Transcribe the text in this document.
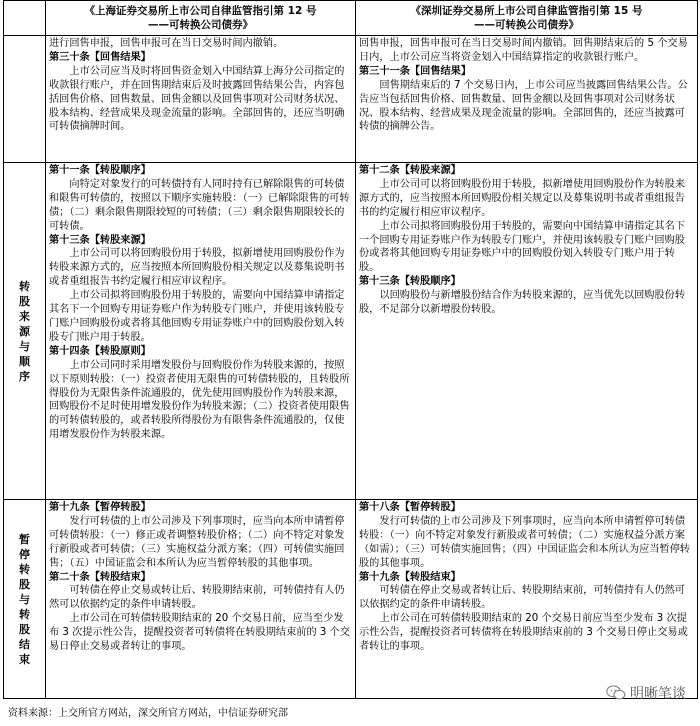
《上海证券交易所上市公司自律监管指引第 12 号
——可转换公司债券》
《深圳证券交易所上市公司自律监管指引第 15 号
——可转换公司债券》
进行回售申报，回售申报可在当日交易时间内撤销。
第三十条【回售结果】
上市公司应当及时将回售资金划入中国结算上海分公司指定的收款银行账户，并在回售期结束后及时披露回售结果公告，内容包括回售价格、回售数量、回售金额以及回售事项对公司财务状况、股本结构、经营成果及现金流量的影响。全部回售的，还应当明确可转债摘牌时间。
回售申报，回售申报可在当日交易时间内撤销。回售期结束后的 5 个交易日内，上市公司应当将资金划入中国结算指定的收款银行账户。
第三十一条【回售结果】
回售期结束后的 7 个交易日内，上市公司应当披露回售结果公告。公告应当包括回售价格、回售数量、回售金额以及回售事项对公司财务状况、股本结构、经营成果及现金流量的影响。全部回售的，还应当披露可转债的摘牌公告。
转股来源与顺序
第十一条【转股顺序】
向特定对象发行的可转债持有人同时持有已解除限售的可转债和限售可转债的，按照以下顺序实施转股：（一）已解除限售的可转债；（二）剩余限售期限较短的可转债；（三）剩余限售期限较长的可转债。
第十三条【转股来源】
上市公司可以将回购股份用于转股，拟新增使用回购股份作为转股来源方式的，应当按照本所回购股份相关规定以及募集说明书或者重组报告书约定履行相应审议程序。
上市公司拟将回购股份用于转股的，需要向中国结算申请指定其名下一个回购专用证券账户作为转股专门账户，并使用该转股专门账户回购股份或者将其他回购专用证券账户中的回购股份划入转股专门账户用于转股。
第十四条【转股原则】
上市公司同时采用增发股份与回购股份作为转股来源的，按照以下原则转股：（一）投资者使用无限售的可转债转股的，且转股所得股份为无限售条件流通股的，优先使用回购股份作为转股来源，回购股份不足时使用增发股份作为转股来源；（二）投资者使用限售的可转债转股的，或者转股所得股份为有限售条件流通股的，仅使用增发股份作为转股来源。
第十二条【转股来源】
上市公司可以将回购股份用于转股，拟新增使用回购股份作为转股来源方式的，应当按照本所回购股份相关规定以及募集说明书或者重组报告书的约定履行相应审议程序。
上市公司拟将回购股份用于转股的，需要向中国结算申请指定其名下一个回购专用证券账户作为转股专门账户，并使用该转股专门账户回购股份或者将其他回购专用证券账户中的回购股份划入转股专门账户用于转股。
第十三条【转股顺序】
以回购股份与新增股份结合作为转股来源的，应当优先以回购股份转股，不足部分以新增股份转股。
暂停转股与转股结束
第十九条【暂停转股】
发行可转债的上市公司涉及下列事项时，应当向本所申请暂停可转债转股：（一）修正或者调整转股价格；（二）向不特定对象发行新股或者可转债；（三）实施权益分派方案；（四）可转债实施回售；（五）中国证监会和本所认为应当暂停转股的其他事项。
第二十条【转股结束】
可转债在停止交易或转让后、转股期结束前，可转债持有人仍然可以依据约定的条件申请转股。
上市公司在可转债转股期结束的 20 个交易日前，应当至少发布 3 次提示性公告，提醒投资者可转债将在转股期结束前的 3 个交易日停止交易或者转让的事项。
第十八条【暂停转股】
发行可转债的上市公司涉及下列事项时，应当向本所申请暂停可转债转股：（一）向不特定对象发行新股或者可转债；（二）实施权益分派方案（如需）；（三）可转债实施回售；（四）中国证监会和本所认为应当暂停转股的其他事项。
第十九条【转股结束】
可转债在停止交易或者转让后、转股期结束前，可转债持有人仍然可以依据约定的条件申请转股。
上市公司在可转债转股期结束的 20 个交易日前应当至少发布 3 次提示性公告，提醒投资者可转债将在转股期结束前的 3 个交易日停止交易或者转让的事项。
明晰笔谈
资料来源：上交所官方网站，深交所官方网站，中信证券研究部
